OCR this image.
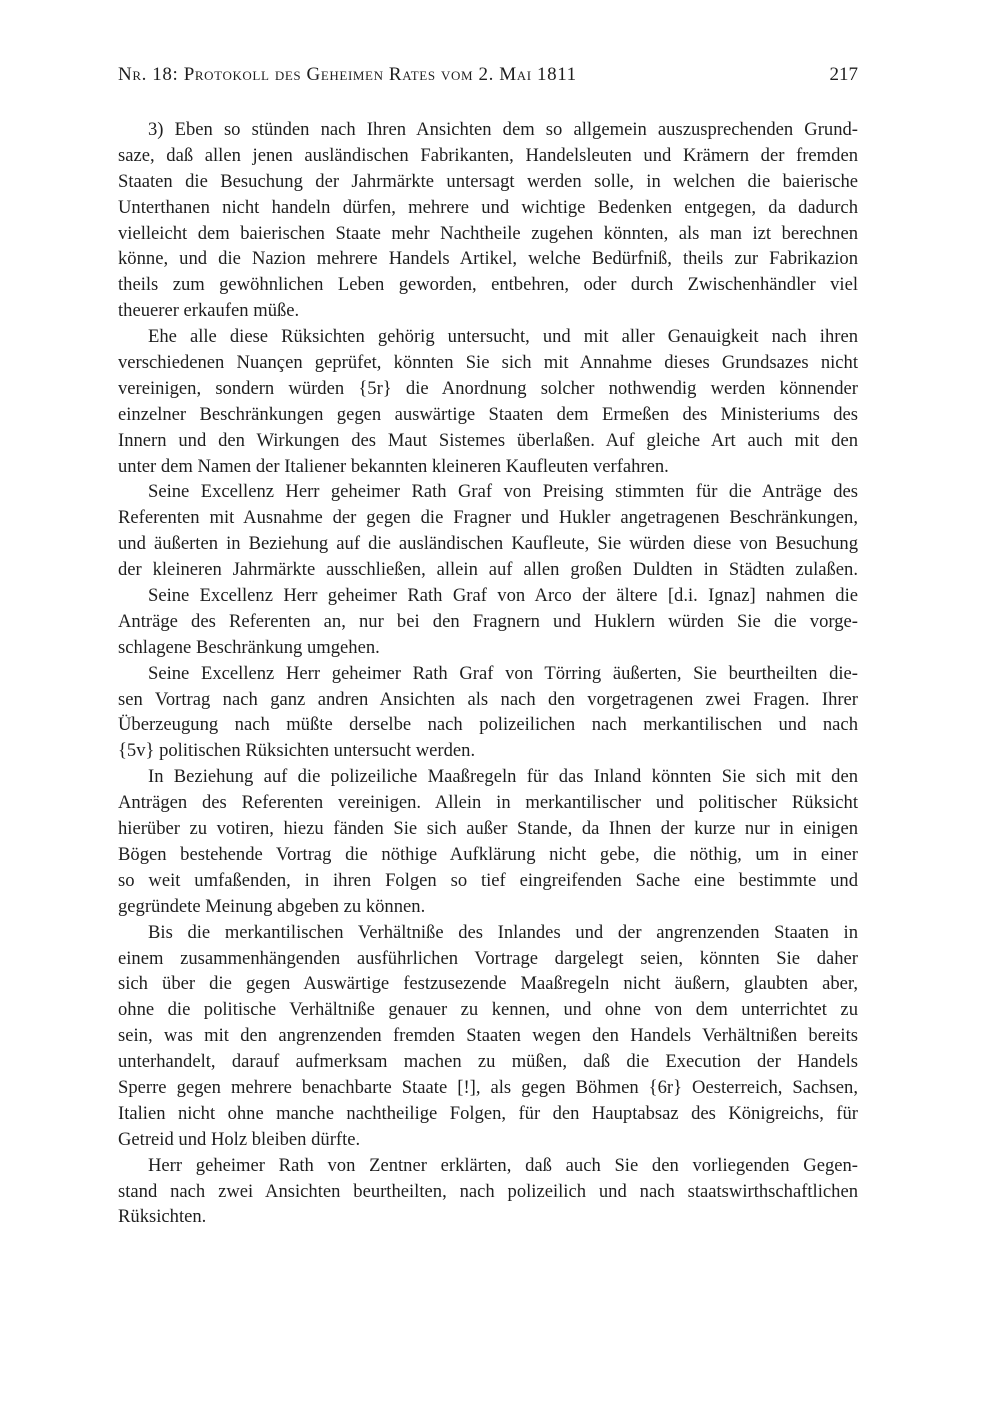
Nr. 18: Protokoll des Geheimen Rates vom 2. Mai 1811	217
3) Eben so stünden nach Ihren Ansichten dem so allgemein auszusprechenden Grund-
saze, daß allen jenen ausländischen Fabrikanten, Handelsleuten und Krämern der fremden
Staaten die Besuchung der Jahrmärkte untersagt werden solle, in welchen die baierische
Unterthanen nicht handeln dürfen, mehrere und wichtige Bedenken entgegen, da dadurch
vielleicht dem baierischen Staate mehr Nachtheile zugehen könnten, als man izt berechnen
könne, und die Nazion mehrere Handels Artikel, welche Bedürfniß, theils zur Fabrikazion
theils zum gewöhnlichen Leben geworden, entbehren, oder durch Zwischenhändler viel
theuerer erkaufen müße.
Ehe alle diese Rüksichten gehörig untersucht, und mit aller Genauigkeit nach ihren
verschiedenen Nuançen geprüfet, könnten Sie sich mit Annahme dieses Grundsazes nicht
vereinigen, sondern würden {5r} die Anordnung solcher nothwendig werden könnender
einzelner Beschränkungen gegen auswärtige Staaten dem Ermeßen des Ministeriums des
Innern und den Wirkungen des Maut Sistemes überlaßen. Auf gleiche Art auch mit den
unter dem Namen der Italiener bekannten kleineren Kaufleuten verfahren.
Seine Excellenz Herr geheimer Rath Graf von Preising stimmten für die Anträge des
Referenten mit Ausnahme der gegen die Fragner und Hukler angetragenen Beschränkungen,
und äußerten in Beziehung auf die ausländischen Kaufleute, Sie würden diese von Besuchung
der kleineren Jahrmärkte ausschließen, allein auf allen großen Duldten in Städten zulaßen.
Seine Excellenz Herr geheimer Rath Graf von Arco der ältere [d.i. Ignaz] nahmen die
Anträge des Referenten an, nur bei den Fragnern und Huklern würden Sie die vorge-
schlagene Beschränkung umgehen.
Seine Excellenz Herr geheimer Rath Graf von Törring äußerten, Sie beurtheilten die-
sen Vortrag nach ganz andren Ansichten als nach den vorgetragenen zwei Fragen. Ihrer
Überzeugung nach müßte derselbe nach polizeilichen nach merkantilischen und nach
{5v} politischen Rüksichten untersucht werden.
In Beziehung auf die polizeiliche Maaßregeln für das Inland könnten Sie sich mit den
Anträgen des Referenten vereinigen. Allein in merkantilischer und politischer Rüksicht
hierüber zu votiren, hiezu fänden Sie sich außer Stande, da Ihnen der kurze nur in einigen
Bögen bestehende Vortrag die nöthige Aufklärung nicht gebe, die nöthig, um in einer
so weit umfaßenden, in ihren Folgen so tief eingreifenden Sache eine bestimmte und
gegründete Meinung abgeben zu können.
Bis die merkantilischen Verhältniße des Inlandes und der angrenzenden Staaten in
einem zusammenhängenden ausführlichen Vortrage dargelegt seien, könnten Sie daher
sich über die gegen Auswärtige festzusezende Maaßregeln nicht äußern, glaubten aber,
ohne die politische Verhältniße genauer zu kennen, und ohne von dem unterrichtet zu
sein, was mit den angrenzenden fremden Staaten wegen den Handels Verhältnißen bereits
unterhandelt, darauf aufmerksam machen zu müßen, daß die Execution der Handels
Sperre gegen mehrere benachbarte Staate [!], als gegen Böhmen {6r} Oesterreich, Sachsen,
Italien nicht ohne manche nachtheilige Folgen, für den Hauptabsaz des Königreichs, für
Getreid und Holz bleiben dürfte.
Herr geheimer Rath von Zentner erklärten, daß auch Sie den vorliegenden Gegen-
stand nach zwei Ansichten beurtheilten, nach polizeilich und nach staatswirthschaftlichen
Rüksichten.
